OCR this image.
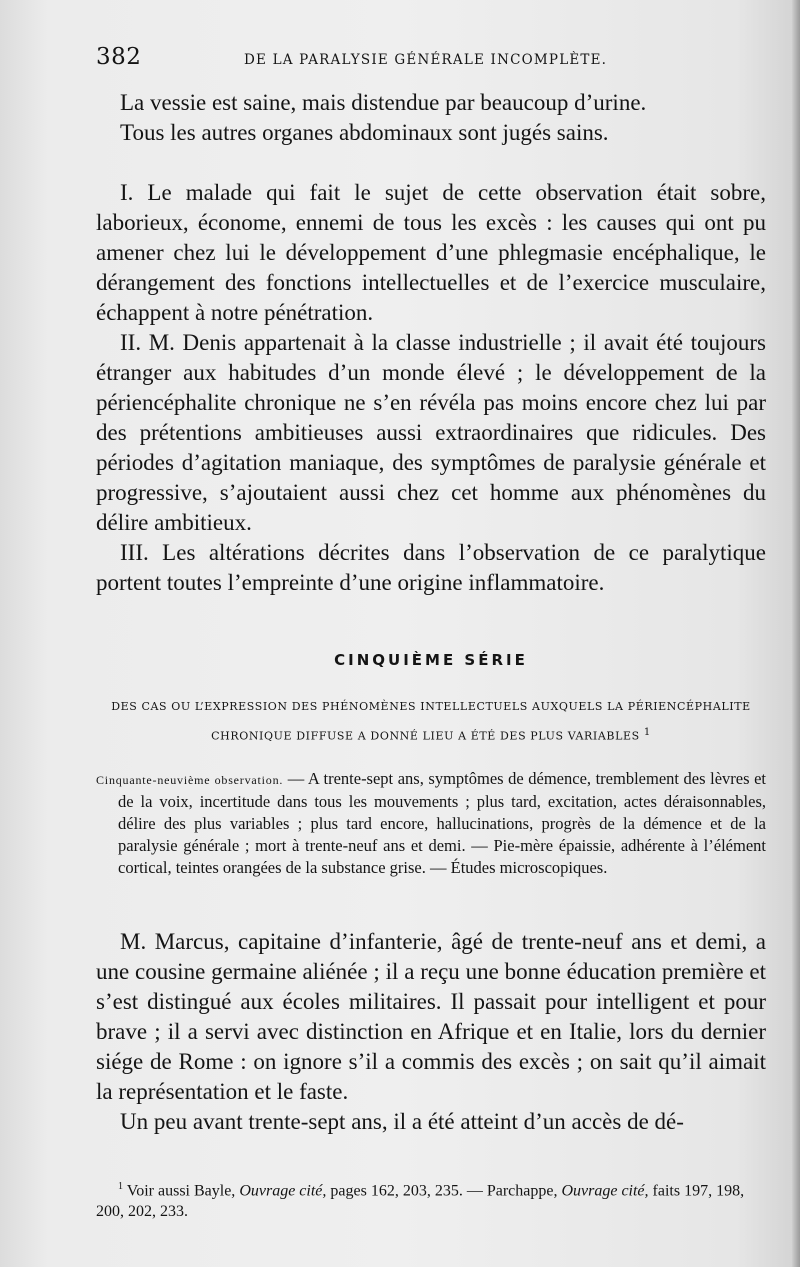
382	DE LA PARALYSIE GÉNÉRALE INCOMPLÈTE.

La vessie est saine, mais distendue par beaucoup d’urine.

Tous les autres organes abdominaux sont jugés sains.

I. Le malade qui fait le sujet de cette observation était sobre, laborieux, économe, ennemi de tous les excès : les causes qui ont pu amener chez lui le développement d’une phlegmasie encéphalique, le dérangement des fonctions intellectuelles et de l’exercice musculaire, échappent à notre pénétration.

II. M. Denis appartenait à la classe industrielle ; il avait été toujours étranger aux habitudes d’un monde élevé ; le développement de la périencéphalite chronique ne s’en révéla pas moins encore chez lui par des prétentions ambitieuses aussi extraordinaires que ridicules. Des périodes d’agitation maniaque, des symptômes de paralysie générale et progressive, s’ajoutaient aussi chez cet homme aux phénomènes du délire ambitieux.

III. Les altérations décrites dans l’observation de ce paralytique portent toutes l’empreinte d’une origine inflammatoire.

CINQUIÈME SÉRIE
DES CAS OU L’EXPRESSION DES PHÉNOMÈNES INTELLECTUELS AUXQUELS LA PÉRIENCÉPHALITE
CHRONIQUE DIFFUSE A DONNÉ LIEU A ÉTÉ DES PLUS VARIABLES $^1$

Cinquante-neuvième observation. — A trente-sept ans, symptômes de démence, tremblement des lèvres et de la voix, incertitude dans tous les mouvements ; plus tard, excitation, actes déraisonnables, délire des plus variables ; plus tard encore, hallucinations, progrès de la démence et de la paralysie générale ; mort à trente-neuf ans et demi. — Pie-mère épaissie, adhérente à l’élément cortical, teintes orangées de la substance grise. — Études microscopiques.

M. Marcus, capitaine d’infanterie, âgé de trente-neuf ans et demi, a une cousine germaine aliénée ; il a reçu une bonne éducation première et s’est distingué aux écoles militaires. Il passait pour intelligent et pour brave ; il a servi avec distinction en Afrique et en Italie, lors du dernier siége de Rome : on ignore s’il a commis des excès ; on sait qu’il aimait la représentation et le faste.

Un peu avant trente-sept ans, il a été atteint d’un accès de dé-

$^1$ Voir aussi Bayle, Ouvrage cité, pages 162, 203, 235. — Parchappe, Ouvrage cité, faits 197, 198, 200, 202, 233.
